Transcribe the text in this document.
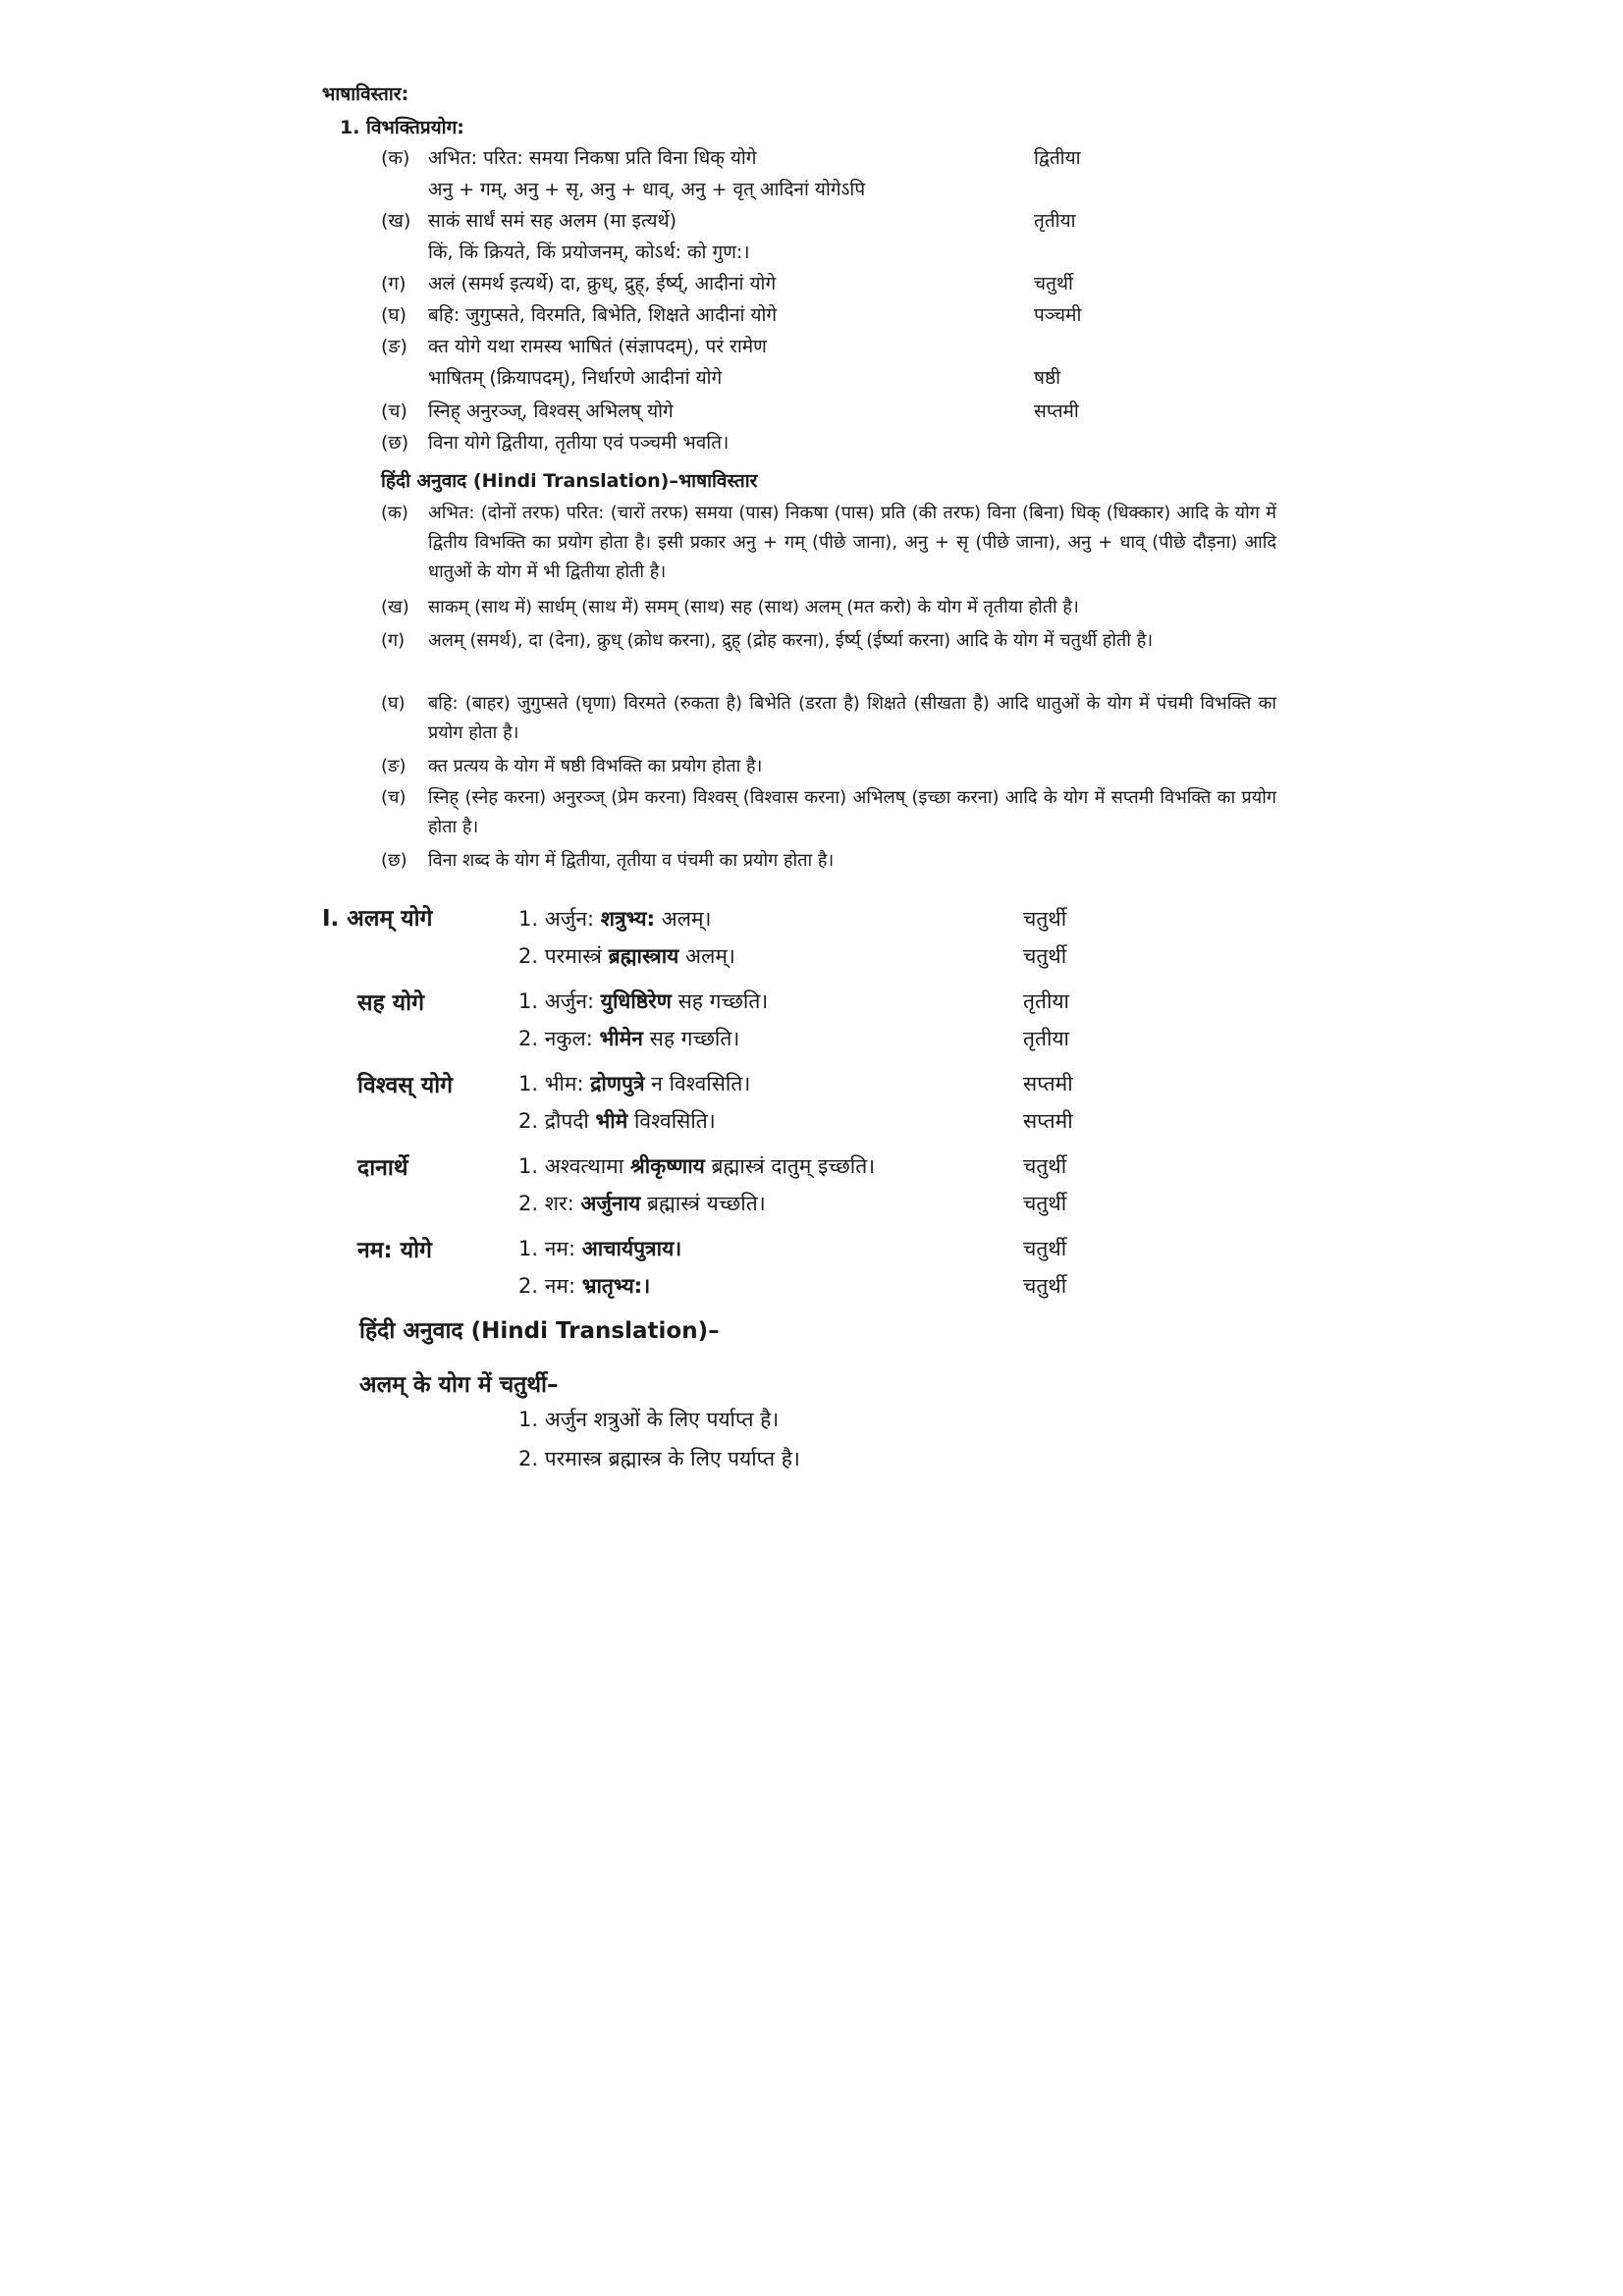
भाषाविस्तार:
1. विभक्तिप्रयोग:
(क) अभित: परित: समया निकषा प्रति विना धिक् योगे	द्वितीया
अनु + गम्, अनु + सृ, अनु + धाव्, अनु + वृत् आदिनां योगेऽपि
(ख) साकं सार्धं समं सह अलम (मा इत्यर्थे)	तृतीया
किं, किं क्रियते, किं प्रयोजनम्, कोऽर्थ: को गुण:।
(ग) अलं (समर्थ इत्यर्थे) दा, क्रुध्, द्रुह्, ईर्ष्य्, आदीनां योगे	चतुर्थी
(घ) बहि: जुगुप्सते, विरमति, बिभेति, शिक्षते आदीनां योगे	पञ्चमी
(ङ) क्त योगे यथा रामस्य भाषितं (संज्ञापदम्), परं रामेण
भाषितम् (क्रियापदम्), निर्धारणे आदीनां योगे	षष्ठी
(च) स्निह् अनुरञ्ज्, विश्वस् अभिलष् योगे	सप्तमी
(छ) विना योगे द्वितीया, तृतीया एवं पञ्चमी भवति।
हिंदी अनुवाद (Hindi Translation)–भाषाविस्तार
(क) अभित: (दोनों तरफ) परित: (चारों तरफ) समया (पास) निकषा (पास) प्रति (की तरफ) विना (बिना) धिक् (धिक्कार) आदि के योग में द्वितीय विभक्ति का प्रयोग होता है। इसी प्रकार अनु + गम् (पीछे जाना), अनु + सृ (पीछे जाना), अनु + धाव् (पीछे दौड़ना) आदि धातुओं के योग में भी द्वितीया होती है।
(ख) साकम् (साथ में) सार्धम् (साथ में) समम् (साथ) सह (साथ) अलम् (मत करो) के योग में तृतीया होती है।
(ग) अलम् (समर्थ), दा (देना), क्रुध् (क्रोध करना), द्रुह् (द्रोह करना), ईर्ष्य् (ईर्ष्या करना) आदि के योग में चतुर्थी होती है।
(घ) बहि: (बाहर) जुगुप्सते (घृणा) विरमते (रुकता है) बिभेति (डरता है) शिक्षते (सीखता है) आदि धातुओं के योग में पंचमी विभक्ति का प्रयोग होता है।
(ङ) क्त प्रत्यय के योग में षष्ठी विभक्ति का प्रयोग होता है।
(च) स्निह् (स्नेह करना) अनुरञ्ज् (प्रेम करना) विश्वस् (विश्वास करना) अभिलष् (इच्छा करना) आदि के योग में सप्तमी विभक्ति का प्रयोग होता है।
(छ) विना शब्द के योग में द्वितीया, तृतीया व पंचमी का प्रयोग होता है।
I. अलम् योगे	1. अर्जुन: शत्रुभ्य: अलम्।	चतुर्थी
2. परमास्त्रं ब्रह्मास्त्राय अलम्।	चतुर्थी
सह योगे	1. अर्जुन: युधिष्ठिरेण सह गच्छति।	तृतीया
2. नकुल: भीमेन सह गच्छति।	तृतीया
विश्वस् योगे	1. भीम: द्रोणपुत्रे न विश्वसिति।	सप्तमी
2. द्रौपदी भीमे विश्वसिति।	सप्तमी
दानार्थे	1. अश्वत्थामा श्रीकृष्णाय ब्रह्मास्त्रं दातुम् इच्छति।	चतुर्थी
2. शर: अर्जुनाय ब्रह्मास्त्रं यच्छति।	चतुर्थी
नम: योगे	1. नम: आचार्यपुत्राय।	चतुर्थी
2. नम: भ्रातृभ्य:।	चतुर्थी
हिंदी अनुवाद (Hindi Translation)–
अलम् के योग में चतुर्थी–
1. अर्जुन शत्रुओं के लिए पर्याप्त है।
2. परमास्त्र ब्रह्मास्त्र के लिए पर्याप्त है।
